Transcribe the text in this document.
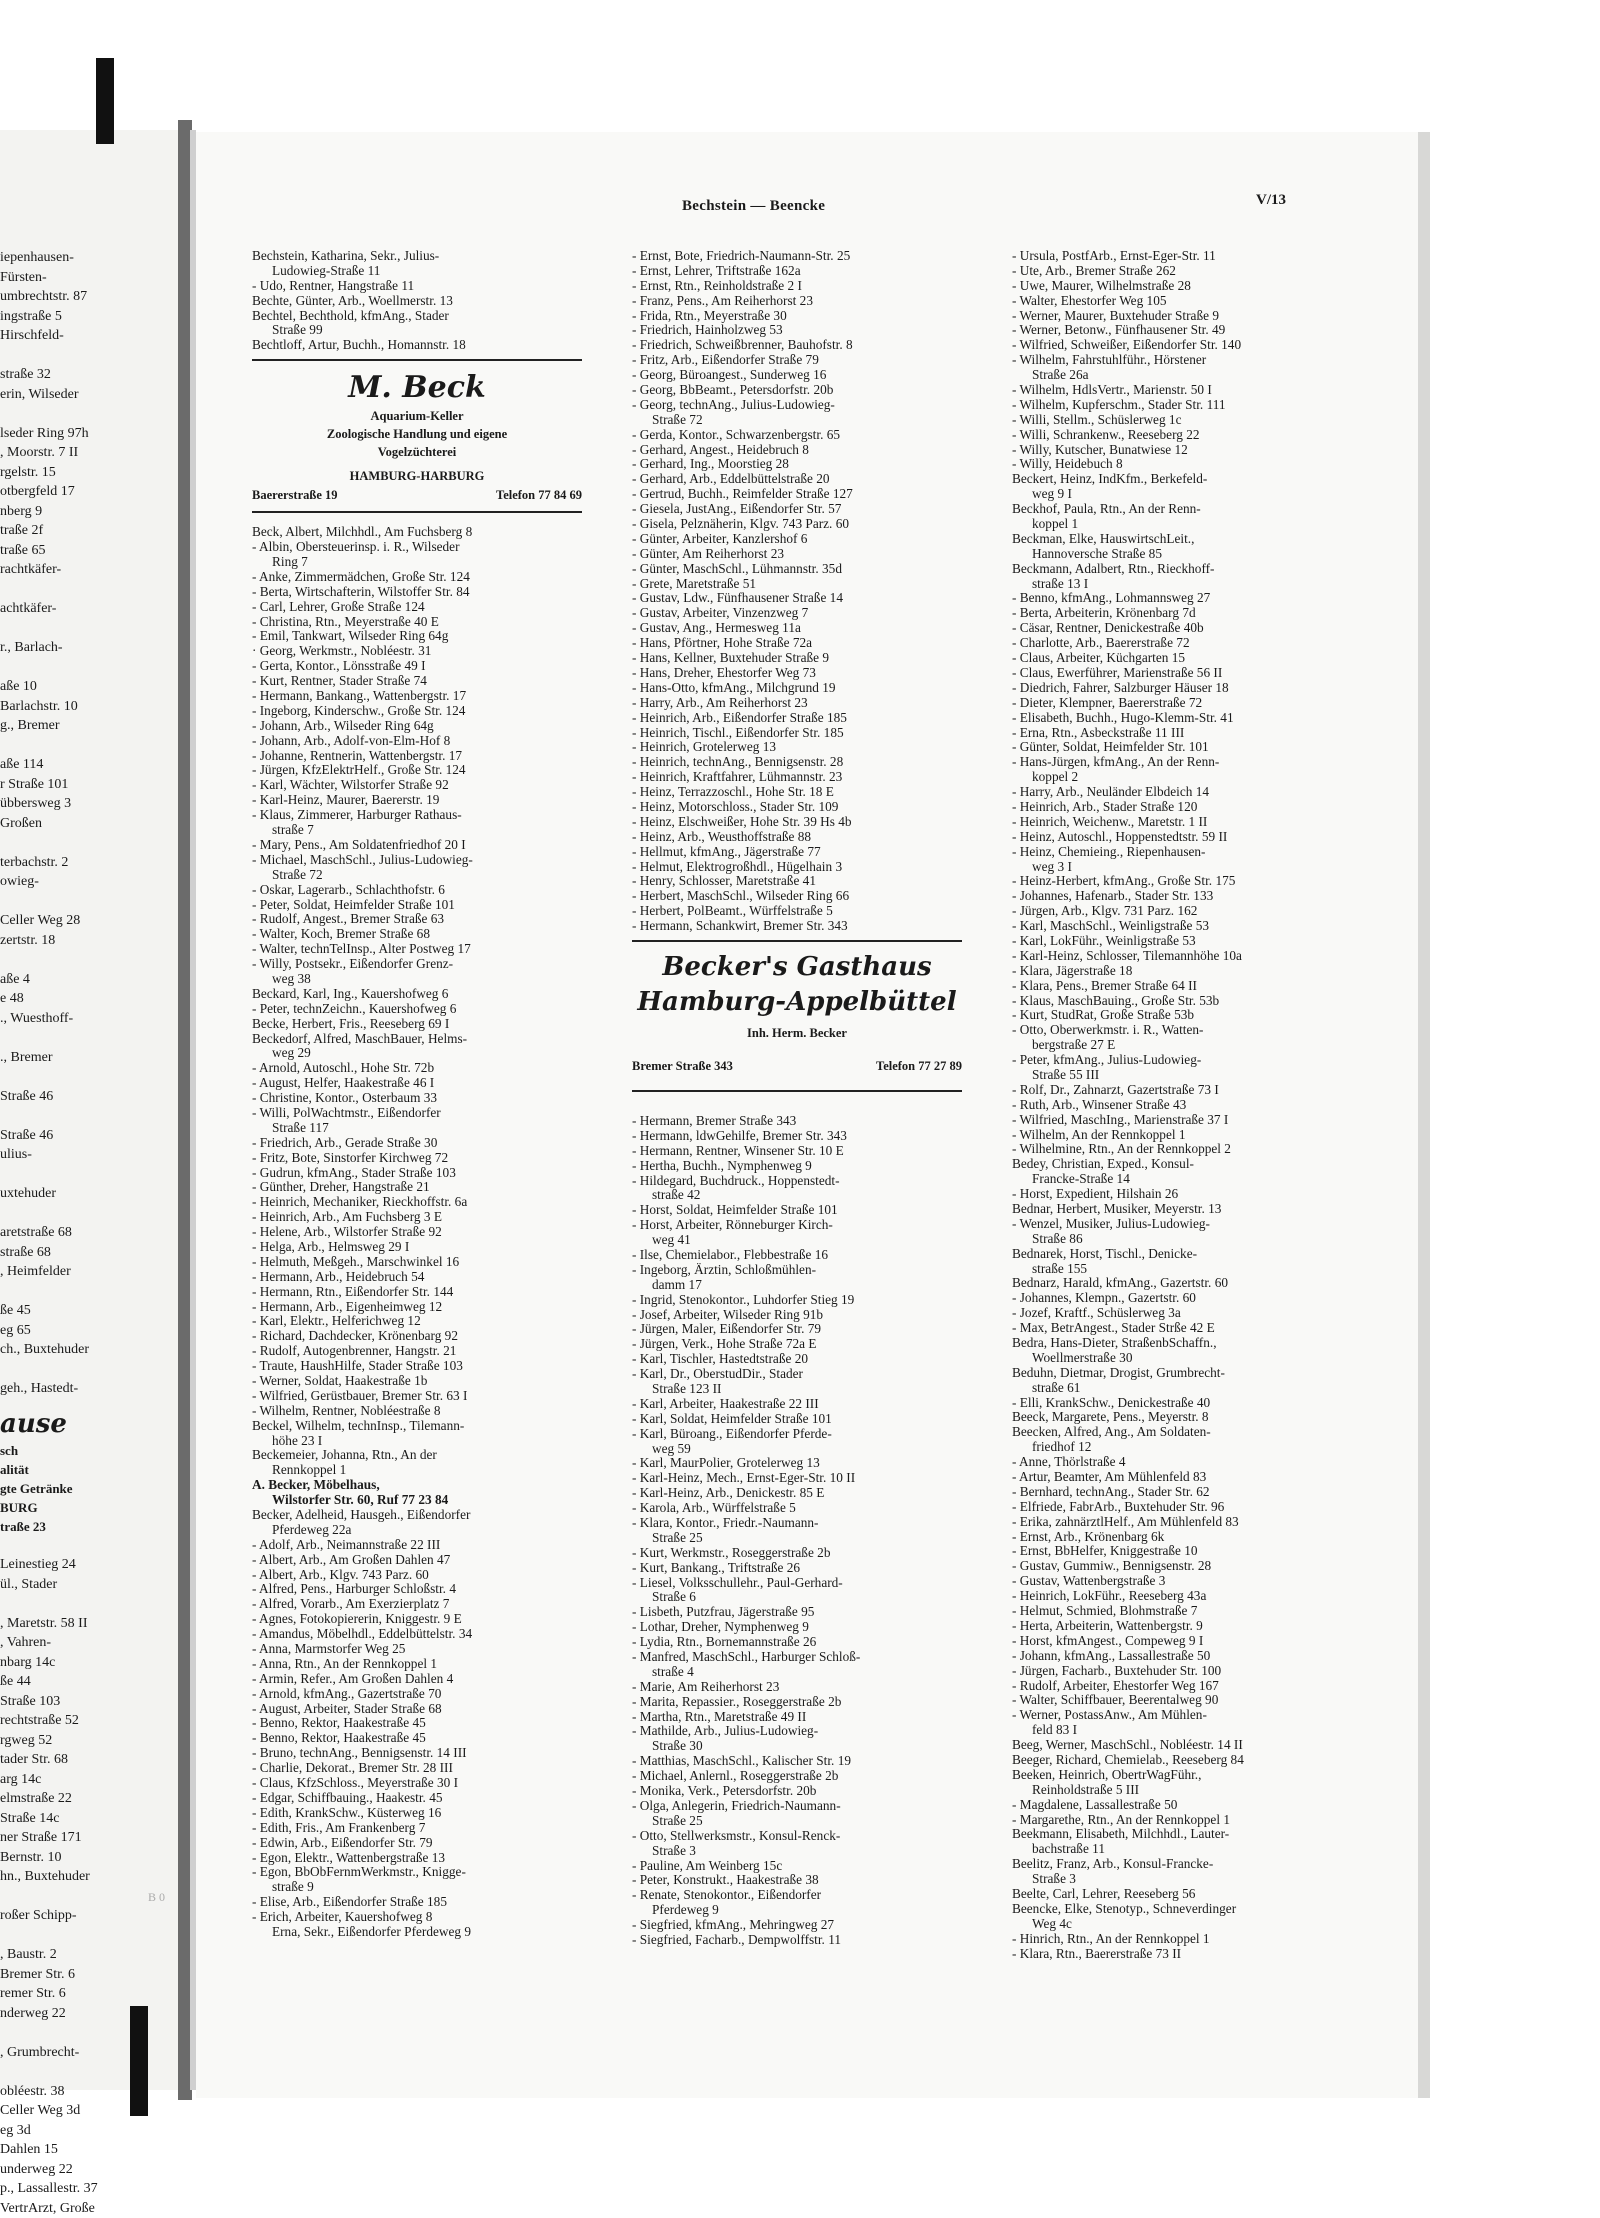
iepenhausen-
Fürsten-
umbrechtstr. 87
ingstraße 5
Hirschfeld-
straße 32
erin, Wilseder
lseder Ring 97h
, Moorstr. 7 II
rgelstr. 15
otbergfeld 17
nberg 9
traße 2f
traße 65
rachtkäfer-
achtkäfer-
r., Barlach-
aße 10
Barlachstr. 10
g., Bremer
aße 114
r Straße 101
übbersweg 3
Großen
terbachstr. 2
owieg-
Celler Weg 28
zertstr. 18
aße 4
e 48
., Wuesthoff-
., Bremer
Straße 46
Straße 46
ulius-
uxtehuder
aretstraße 68
straße 68
, Heimfelder
ße 45
eg 65
ch., Buxtehuder
geh., Hastedt-
ause
sch
alität
gte Getränke
BURG
traße 23
Leinestieg 24
ül., Stader
, Maretstr. 58 II
, Vahren-
nbarg 14c
ße 44
Straße 103
rechtstraße 52
rgweg 52
tader Str. 68
arg 14c
elmstraße 22
Straße 14c
ner Straße 171
Bernstr. 10
hn., Buxtehuder
roßer Schipp-
, Baustr. 2
Bremer Str. 6
remer Str. 6
nderweg 22
, Grumbrecht-
obléestr. 38
Celler Weg 3d
eg 3d
Dahlen 15
underweg 22
p., Lassallestr. 37
VertrArzt, Große
B 0
Bechstein — Beencke	V/13
Bechstein, Katharina, Sekr., Julius-
Ludowieg-Straße 11
- Udo, Rentner, Hangstraße 11
Bechte, Günter, Arb., Woellmerstr. 13
Bechtel, Bechthold, kfmAng., Stader
Straße 99
Bechtloff, Artur, Buchh., Homannstr. 18
M. Beck
Aquarium-Keller
Zoologische Handlung und eigene
Vogelzüchterei
HAMBURG-HARBURG
Baererstraße 19	Telefon 77 84 69
Beck, Albert, Milchhdl., Am Fuchsberg 8
- Albin, Obersteuerinsp. i. R., Wilseder
Ring 7
- Anke, Zimmermädchen, Große Str. 124
- Berta, Wirtschafterin, Wilstoffer Str. 84
- Carl, Lehrer, Große Straße 124
- Christina, Rtn., Meyerstraße 40 E
- Emil, Tankwart, Wilseder Ring 64g
· Georg, Werkmstr., Nobléestr. 31
- Gerta, Kontor., Lönsstraße 49 I
- Kurt, Rentner, Stader Straße 74
- Hermann, Bankang., Wattenbergstr. 17
- Ingeborg, Kinderschw., Große Str. 124
- Johann, Arb., Wilseder Ring 64g
- Johann, Arb., Adolf-von-Elm-Hof 8
- Johanne, Rentnerin, Wattenbergstr. 17
- Jürgen, KfzElektrHelf., Große Str. 124
- Karl, Wächter, Wilstorfer Straße 92
- Karl-Heinz, Maurer, Baererstr. 19
- Klaus, Zimmerer, Harburger Rathaus-
straße 7
- Mary, Pens., Am Soldatenfriedhof 20 I
- Michael, MaschSchl., Julius-Ludowieg-
Straße 72
- Oskar, Lagerarb., Schlachthofstr. 6
- Peter, Soldat, Heimfelder Straße 101
- Rudolf, Angest., Bremer Straße 63
- Walter, Koch, Bremer Straße 68
- Walter, technTelInsp., Alter Postweg 17
- Willy, Postsekr., Eißendorfer Grenz-
weg 38
Beckard, Karl, Ing., Kauershofweg 6
- Peter, technZeichn., Kauershofweg 6
Becke, Herbert, Fris., Reeseberg 69 I
Beckedorf, Alfred, MaschBauer, Helms-
weg 29
- Arnold, Autoschl., Hohe Str. 72b
- August, Helfer, Haakestraße 46 I
- Christine, Kontor., Osterbaum 33
- Willi, PolWachtmstr., Eißendorfer
Straße 117
- Friedrich, Arb., Gerade Straße 30
- Fritz, Bote, Sinstorfer Kirchweg 72
- Gudrun, kfmAng., Stader Straße 103
- Günther, Dreher, Hangstraße 21
- Heinrich, Mechaniker, Rieckhoffstr. 6a
- Heinrich, Arb., Am Fuchsberg 3 E
- Helene, Arb., Wilstorfer Straße 92
- Helga, Arb., Helmsweg 29 I
- Helmuth, Meßgeh., Marschwinkel 16
- Hermann, Arb., Heidebruch 54
- Hermann, Rtn., Eißendorfer Str. 144
- Hermann, Arb., Eigenheimweg 12
- Karl, Elektr., Helferichweg 12
- Richard, Dachdecker, Krönenbarg 92
- Rudolf, Autogenbrenner, Hangstr. 21
- Traute, HaushHilfe, Stader Straße 103
- Werner, Soldat, Haakestraße 1b
- Wilfried, Gerüstbauer, Bremer Str. 63 I
- Wilhelm, Rentner, Nobléestraße 8
Beckel, Wilhelm, technInsp., Tilemann-
höhe 23 I
Beckemeier, Johanna, Rtn., An der
Rennkoppel 1
A. Becker, Möbelhaus,
Wilstorfer Str. 60, Ruf 77 23 84
Becker, Adelheid, Hausgeh., Eißendorfer
Pferdeweg 22a
- Adolf, Arb., Neimannstraße 22 III
- Albert, Arb., Am Großen Dahlen 47
- Albert, Arb., Klgv. 743 Parz. 60
- Alfred, Pens., Harburger Schloßstr. 4
- Alfred, Vorarb., Am Exerzierplatz 7
- Agnes, Fotokopiererin, Kniggestr. 9 E
- Amandus, Möbelhdl., Eddelbüttelstr. 34
- Anna, Marmstorfer Weg 25
- Anna, Rtn., An der Rennkoppel 1
- Armin, Refer., Am Großen Dahlen 4
- Arnold, kfmAng., Gazertstraße 70
- August, Arbeiter, Stader Straße 68
- Benno, Rektor, Haakestraße 45
- Benno, Rektor, Haakestraße 45
- Bruno, technAng., Bennigsenstr. 14 III
- Charlie, Dekorat., Bremer Str. 28 III
- Claus, KfzSchloss., Meyerstraße 30 I
- Edgar, Schiffbauing., Haakestr. 45
- Edith, KrankSchw., Küsterweg 16
- Edith, Fris., Am Frankenberg 7
- Edwin, Arb., Eißendorfer Str. 79
- Egon, Elektr., Wattenbergstraße 13
- Egon, BbObFernmWerkmstr., Knigge-
straße 9
- Elise, Arb., Eißendorfer Straße 185
- Erich, Arbeiter, Kauershofweg 8
Erna, Sekr., Eißendorfer Pferdeweg 9
- Ernst, Bote, Friedrich-Naumann-Str. 25
- Ernst, Lehrer, Triftstraße 162a
- Ernst, Rtn., Reinholdstraße 2 I
- Franz, Pens., Am Reiherhorst 23
- Frida, Rtn., Meyerstraße 30
- Friedrich, Hainholzweg 53
- Friedrich, Schweißbrenner, Bauhofstr. 8
- Fritz, Arb., Eißendorfer Straße 79
- Georg, Büroangest., Sunderweg 16
- Georg, BbBeamt., Petersdorfstr. 20b
- Georg, technAng., Julius-Ludowieg-
Straße 72
- Gerda, Kontor., Schwarzenbergstr. 65
- Gerhard, Angest., Heidebruch 8
- Gerhard, Ing., Moorstieg 28
- Gerhard, Arb., Eddelbüttelstraße 20
- Gertrud, Buchh., Reimfelder Straße 127
- Giesela, JustAng., Eißendorfer Str. 57
- Gisela, Pelznäherin, Klgv. 743 Parz. 60
- Günter, Arbeiter, Kanzlershof 6
- Günter, Am Reiherhorst 23
- Günter, MaschSchl., Lühmannstr. 35d
- Grete, Maretstraße 51
- Gustav, Ldw., Fünfhausener Straße 14
- Gustav, Arbeiter, Vinzenzweg 7
- Gustav, Ang., Hermesweg 11a
- Hans, Pförtner, Hohe Straße 72a
- Hans, Kellner, Buxtehuder Straße 9
- Hans, Dreher, Ehestorfer Weg 73
- Hans-Otto, kfmAng., Milchgrund 19
- Harry, Arb., Am Reiherhorst 23
- Heinrich, Arb., Eißendorfer Straße 185
- Heinrich, Tischl., Eißendorfer Str. 185
- Heinrich, Grotelerweg 13
- Heinrich, technAng., Bennigsenstr. 28
- Heinrich, Kraftfahrer, Lühmannstr. 23
- Heinz, Terrazzoschl., Hohe Str. 18 E
- Heinz, Motorschloss., Stader Str. 109
- Heinz, Elschweißer, Hohe Str. 39 Hs 4b
- Heinz, Arb., Weusthoffstraße 88
- Hellmut, kfmAng., Jägerstraße 77
- Helmut, Elektrogroßhdl., Hügelhain 3
- Henry, Schlosser, Maretstraße 41
- Herbert, MaschSchl., Wilseder Ring 66
- Herbert, PolBeamt., Würffelstraße 5
- Hermann, Schankwirt, Bremer Str. 343
Becker's Gasthaus
Hamburg-Appelbüttel
Inh. Herm. Becker
Bremer Straße 343	Telefon 77 27 89
- Hermann, Bremer Straße 343
- Hermann, ldwGehilfe, Bremer Str. 343
- Hermann, Rentner, Winsener Str. 10 E
- Hertha, Buchh., Nymphenweg 9
- Hildegard, Buchdruck., Hoppenstedt-
straße 42
- Horst, Soldat, Heimfelder Straße 101
- Horst, Arbeiter, Rönneburger Kirch-
weg 41
- Ilse, Chemielabor., Flebbestraße 16
- Ingeborg, Ärztin, Schloßmühlen-
damm 17
- Ingrid, Stenokontor., Luhdorfer Stieg 19
- Josef, Arbeiter, Wilseder Ring 91b
- Jürgen, Maler, Eißendorfer Str. 79
- Jürgen, Verk., Hohe Straße 72a E
- Karl, Tischler, Hastedtstraße 20
- Karl, Dr., OberstudDir., Stader
Straße 123 II
- Karl, Arbeiter, Haakestraße 22 III
- Karl, Soldat, Heimfelder Straße 101
- Karl, Büroang., Eißendorfer Pferde-
weg 59
- Karl, MaurPolier, Grotelerweg 13
- Karl-Heinz, Mech., Ernst-Eger-Str. 10 II
- Karl-Heinz, Arb., Denickestr. 85 E
- Karola, Arb., Würffelstraße 5
- Klara, Kontor., Friedr.-Naumann-
Straße 25
- Kurt, Werkmstr., Roseggerstraße 2b
- Kurt, Bankang., Triftstraße 26
- Liesel, Volksschullehr., Paul-Gerhard-
Straße 6
- Lisbeth, Putzfrau, Jägerstraße 95
- Lothar, Dreher, Nymphenweg 9
- Lydia, Rtn., Bornemannstraße 26
- Manfred, MaschSchl., Harburger Schloß-
straße 4
- Marie, Am Reiherhorst 23
- Marita, Repassier., Roseggerstraße 2b
- Martha, Rtn., Maretstraße 49 II
- Mathilde, Arb., Julius-Ludowieg-
Straße 30
- Matthias, MaschSchl., Kalischer Str. 19
- Michael, Anlernl., Roseggerstraße 2b
- Monika, Verk., Petersdorfstr. 20b
- Olga, Anlegerin, Friedrich-Naumann-
Straße 25
- Otto, Stellwerksmstr., Konsul-Renck-
Straße 3
- Pauline, Am Weinberg 15c
- Peter, Konstrukt., Haakestraße 38
- Renate, Stenokontor., Eißendorfer
Pferdeweg 9
- Siegfried, kfmAng., Mehringweg 27
- Siegfried, Facharb., Dempwolffstr. 11
- Ursula, PostfArb., Ernst-Eger-Str. 11
- Ute, Arb., Bremer Straße 262
- Uwe, Maurer, Wilhelmstraße 28
- Walter, Ehestorfer Weg 105
- Werner, Maurer, Buxtehuder Straße 9
- Werner, Betonw., Fünfhausener Str. 49
- Wilfried, Schweißer, Eißendorfer Str. 140
- Wilhelm, Fahrstuhlführ., Hörstener
Straße 26a
- Wilhelm, HdlsVertr., Marienstr. 50 I
- Wilhelm, Kupferschm., Stader Str. 111
- Willi, Stellm., Schüslerweg 1c
- Willi, Schrankenw., Reeseberg 22
- Willy, Kutscher, Bunatwiese 12
- Willy, Heidebuch 8
Beckert, Heinz, IndKfm., Berkefeld-
weg 9 I
Beckhof, Paula, Rtn., An der Renn-
koppel 1
Beckman, Elke, HauswirtschLeit.,
Hannoversche Straße 85
Beckmann, Adalbert, Rtn., Rieckhoff-
straße 13 I
- Benno, kfmAng., Lohmannsweg 27
- Berta, Arbeiterin, Krönenbarg 7d
- Cäsar, Rentner, Denickestraße 40b
- Charlotte, Arb., Baererstraße 72
- Claus, Arbeiter, Küchgarten 15
- Claus, Ewerführer, Marienstraße 56 II
- Diedrich, Fahrer, Salzburger Häuser 18
- Dieter, Klempner, Baererstraße 72
- Elisabeth, Buchh., Hugo-Klemm-Str. 41
- Erna, Rtn., Asbeckstraße 11 III
- Günter, Soldat, Heimfelder Str. 101
- Hans-Jürgen, kfmAng., An der Renn-
koppel 2
- Harry, Arb., Neuländer Elbdeich 14
- Heinrich, Arb., Stader Straße 120
- Heinrich, Weichenw., Maretstr. 1 II
- Heinz, Autoschl., Hoppenstedtstr. 59 II
- Heinz, Chemieing., Riepenhausen-
weg 3 I
- Heinz-Herbert, kfmAng., Große Str. 175
- Johannes, Hafenarb., Stader Str. 133
- Jürgen, Arb., Klgv. 731 Parz. 162
- Karl, MaschSchl., Weinligstraße 53
- Karl, LokFühr., Weinligstraße 53
- Karl-Heinz, Schlosser, Tilemannhöhe 10a
- Klara, Jägerstraße 18
- Klara, Pens., Bremer Straße 64 II
- Klaus, MaschBauing., Große Str. 53b
- Kurt, StudRat, Große Straße 53b
- Otto, Oberwerkmstr. i. R., Watten-
bergstraße 27 E
- Peter, kfmAng., Julius-Ludowieg-
Straße 55 III
- Rolf, Dr., Zahnarzt, Gazertstraße 73 I
- Ruth, Arb., Winsener Straße 43
- Wilfried, MaschIng., Marienstraße 37 I
- Wilhelm, An der Rennkoppel 1
- Wilhelmine, Rtn., An der Rennkoppel 2
Bedey, Christian, Exped., Konsul-
Francke-Straße 14
- Horst, Expedient, Hilshain 26
Bednar, Herbert, Musiker, Meyerstr. 13
- Wenzel, Musiker, Julius-Ludowieg-
Straße 86
Bednarek, Horst, Tischl., Denicke-
straße 155
Bednarz, Harald, kfmAng., Gazertstr. 60
- Johannes, Klempn., Gazertstr. 60
- Jozef, Kraftf., Schüslerweg 3a
- Max, BetrAngest., Stader Strße 42 E
Bedra, Hans-Dieter, StraßenbSchaffn.,
Woellmerstraße 30
Beduhn, Dietmar, Drogist, Grumbrecht-
straße 61
- Elli, KrankSchw., Denickestraße 40
Beeck, Margarete, Pens., Meyerstr. 8
Beecken, Alfred, Ang., Am Soldaten-
friedhof 12
- Anne, Thörlstraße 4
- Artur, Beamter, Am Mühlenfeld 83
- Bernhard, technAng., Stader Str. 62
- Elfriede, FabrArb., Buxtehuder Str. 96
- Erika, zahnärztlHelf., Am Mühlenfeld 83
- Ernst, Arb., Krönenbarg 6k
- Ernst, BbHelfer, Kniggestraße 10
- Gustav, Gummiw., Bennigsenstr. 28
- Gustav, Wattenbergstraße 3
- Heinrich, LokFühr., Reeseberg 43a
- Helmut, Schmied, Blohmstraße 7
- Herta, Arbeiterin, Wattenbergstr. 9
- Horst, kfmAngest., Compeweg 9 I
- Johann, kfmAng., Lassallestraße 50
- Jürgen, Facharb., Buxtehuder Str. 100
- Rudolf, Arbeiter, Ehestorfer Weg 167
- Walter, Schiffbauer, Beerentalweg 90
- Werner, PostassAnw., Am Mühlen-
feld 83 I
Beeg, Werner, MaschSchl., Nobléestr. 14 II
Beeger, Richard, Chemielab., Reeseberg 84
Beeken, Heinrich, ObertrWagFühr.,
Reinholdstraße 5 III
- Magdalene, Lassallestraße 50
- Margarethe, Rtn., An der Rennkoppel 1
Beekmann, Elisabeth, Milchhdl., Lauter-
bachstraße 11
Beelitz, Franz, Arb., Konsul-Francke-
Straße 3
Beelte, Carl, Lehrer, Reeseberg 56
Beencke, Elke, Stenotyp., Schneverdinger
Weg 4c
- Hinrich, Rtn., An der Rennkoppel 1
- Klara, Rtn., Baererstraße 73 II
